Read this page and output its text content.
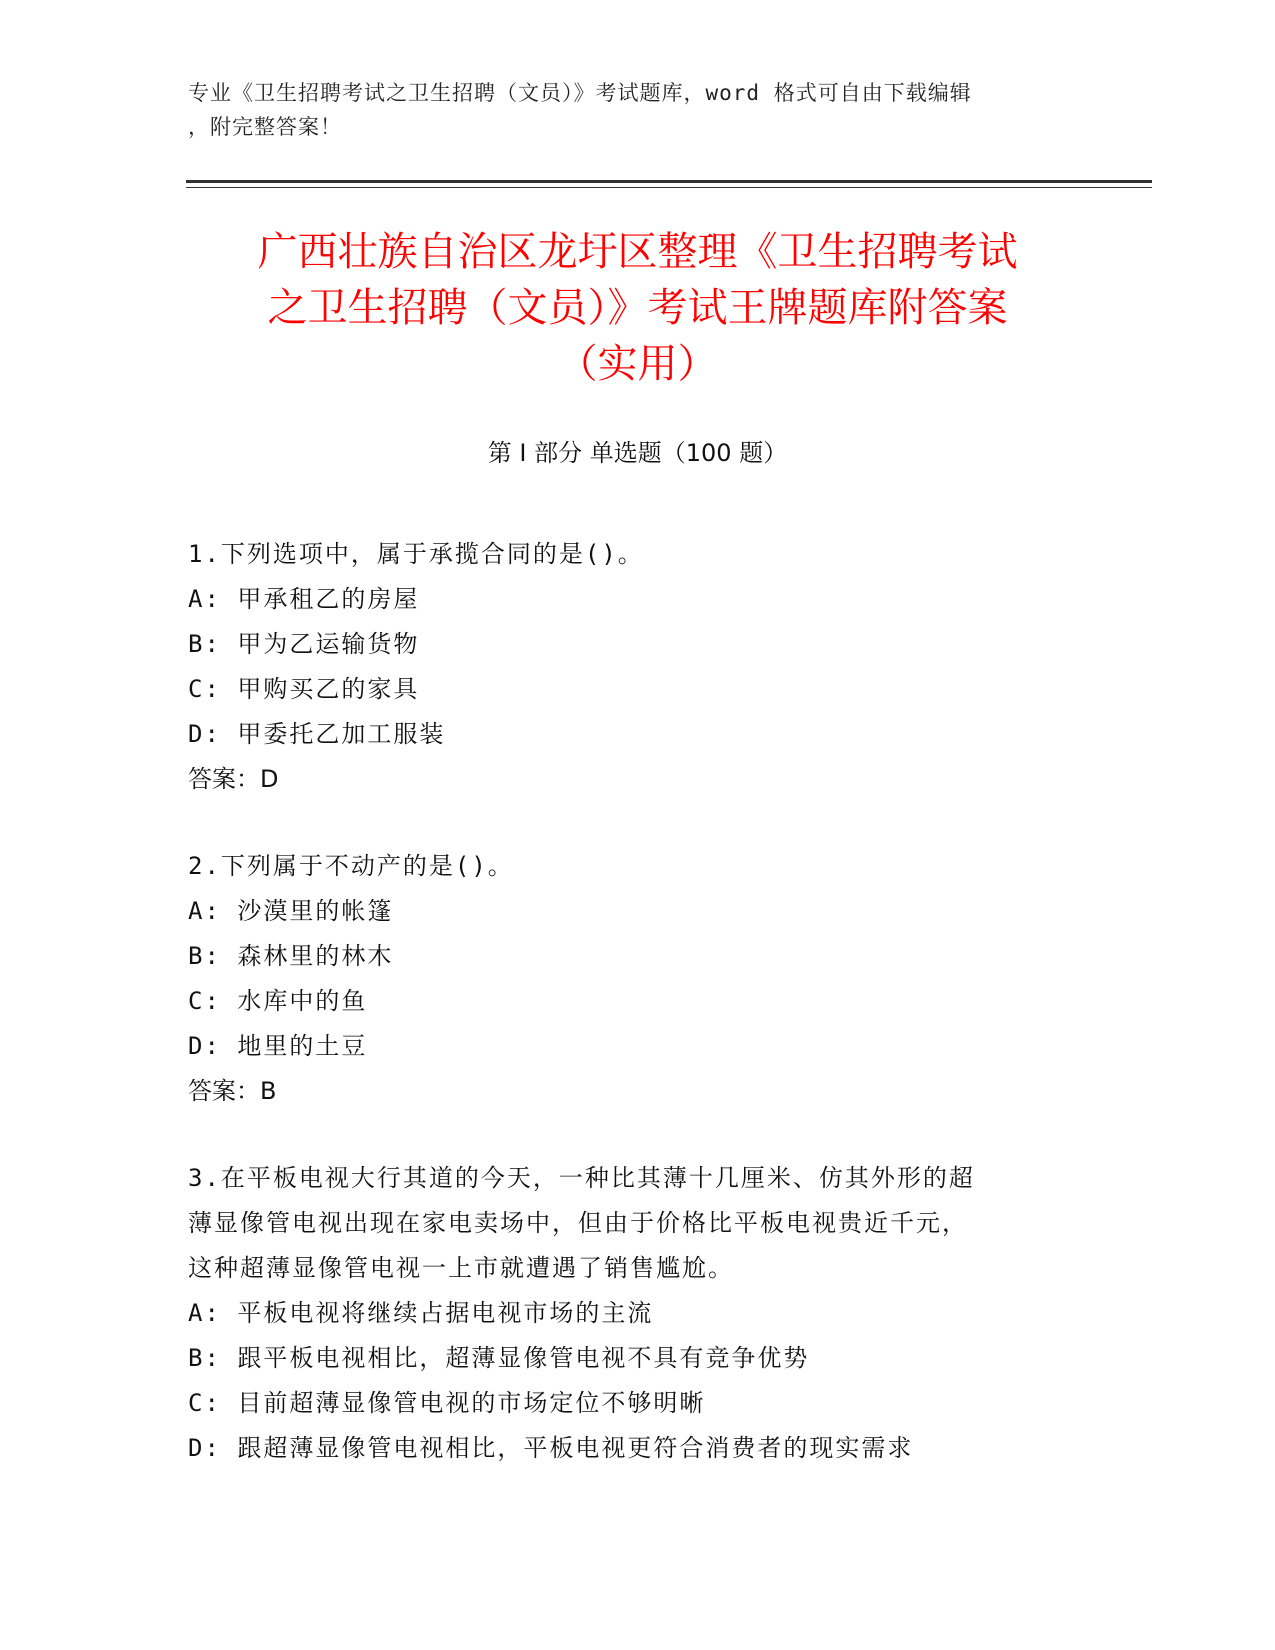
专业《卫生招聘考试之卫生招聘（文员）》考试题库，word 格式可自由下载编辑
，附完整答案！
广西壮族自治区龙圩区整理《卫生招聘考试
之卫生招聘（文员）》考试王牌题库附答案
（实用）
第 I 部分 单选题（100 题）

1.下列选项中，属于承揽合同的是()。

A: 甲承租乙的房屋

B: 甲为乙运输货物

C: 甲购买乙的家具

D: 甲委托乙加工服装

答案：D

2.下列属于不动产的是()。

A: 沙漠里的帐篷

B: 森林里的林木

C: 水库中的鱼

D: 地里的土豆

答案：B

3.在平板电视大行其道的今天，一种比其薄十几厘米、仿其外形的超

薄显像管电视出现在家电卖场中，但由于价格比平板电视贵近千元，

这种超薄显像管电视一上市就遭遇了销售尴尬。

A: 平板电视将继续占据电视市场的主流

B: 跟平板电视相比，超薄显像管电视不具有竞争优势

C: 目前超薄显像管电视的市场定位不够明晰

D: 跟超薄显像管电视相比，平板电视更符合消费者的现实需求
